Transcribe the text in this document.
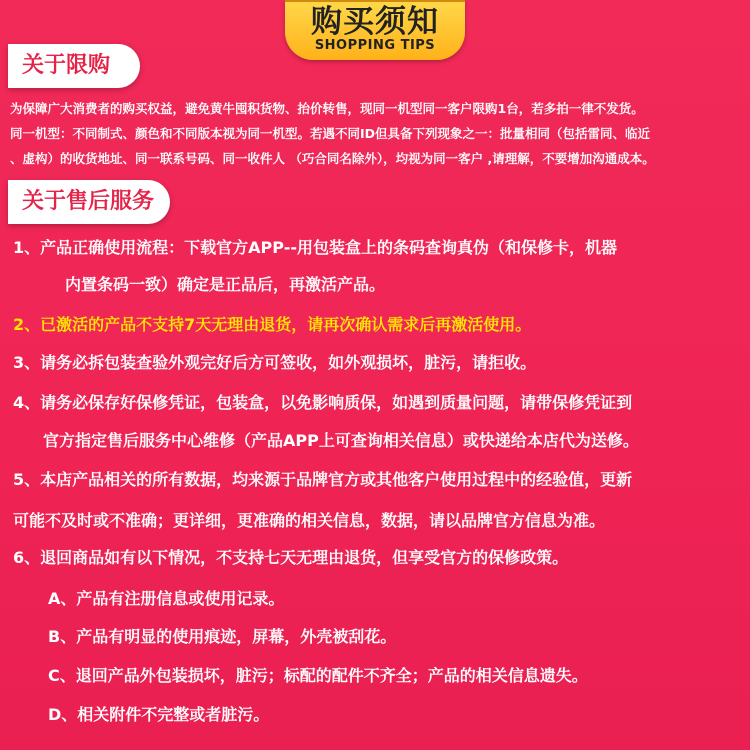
购买须知
SHOPPING TIPS
关于限购
为保障广大消费者的购买权益，避免黄牛囤积货物、抬价转售，现同一机型同一客户限购1台，若多拍一律不发货。
同一机型：不同制式、颜色和不同版本视为同一机型。若遇不同ID但具备下列现象之一：批量相同（包括雷同、临近
、虚构）的收货地址、同一联系号码、同一收件人 （巧合同名除外），均视为同一客户 ,请理解，不要增加沟通成本。
关于售后服务
1、产品正确使用流程：下载官方APP--用包装盒上的条码查询真伪（和保修卡，机器
内置条码一致）确定是正品后，再激活产品。
2、已激活的产品不支持7天无理由退货，请再次确认需求后再激活使用。
3、请务必拆包装查验外观完好后方可签收，如外观损坏，脏污，请拒收。
4、请务必保存好保修凭证，包装盒，以免影响质保，如遇到质量问题，请带保修凭证到
官方指定售后服务中心维修（产品APP上可查询相关信息）或快递给本店代为送修。
5、本店产品相关的所有数据，均来源于品牌官方或其他客户使用过程中的经验值，更新
可能不及时或不准确；更详细，更准确的相关信息，数据，请以品牌官方信息为准。
6、退回商品如有以下情况，不支持七天无理由退货，但享受官方的保修政策。
A、产品有注册信息或使用记录。
B、产品有明显的使用痕迹，屏幕，外壳被刮花。
C、退回产品外包装损坏，脏污；标配的配件不齐全；产品的相关信息遗失。
D、相关附件不完整或者脏污。
